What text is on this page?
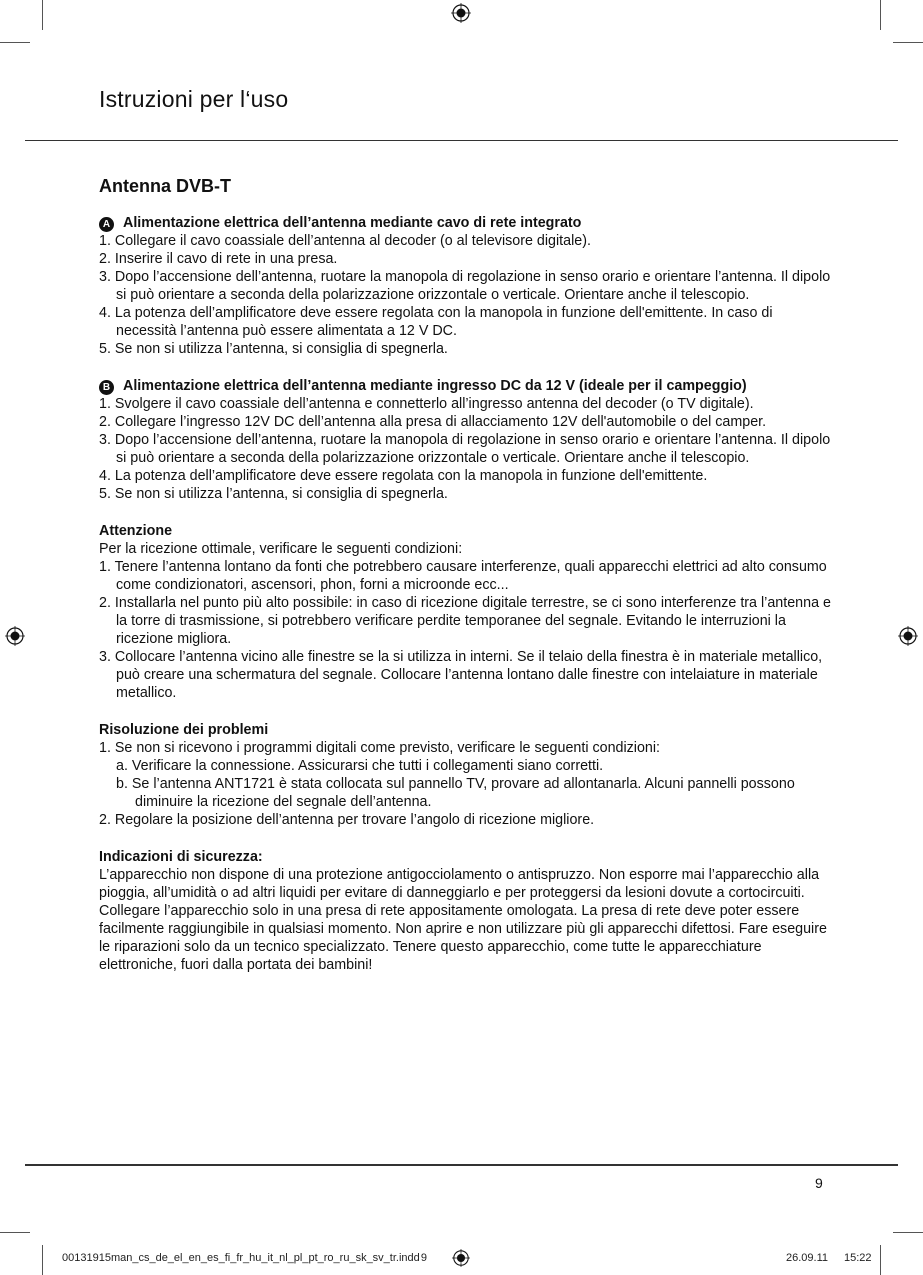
Istruzioni per l‘uso
Antenna DVB-T

A Alimentazione elettrica dell’antenna mediante cavo di rete integrato

1. Collegare il cavo coassiale dell’antenna al decoder (o al televisore digitale).
2. Inserire il cavo di rete in una presa.
3. Dopo l’accensione dell’antenna, ruotare la manopola di regolazione in senso orario e orientare l’antenna. Il dipolo si può orientare a seconda della polarizzazione orizzontale o verticale. Orientare anche il telescopio.
4. La potenza dell’amplificatore deve essere regolata con la manopola in funzione dell'emittente. In caso di necessità l’antenna può essere alimentata a 12 V DC.
5. Se non si utilizza l’antenna, si consiglia di spegnerla.

B Alimentazione elettrica dell’antenna mediante ingresso DC da 12 V (ideale per il campeggio)

1. Svolgere il cavo coassiale dell’antenna e connetterlo all’ingresso antenna del decoder (o TV digitale).
2. Collegare l’ingresso 12V DC dell’antenna alla presa di allacciamento 12V dell'automobile o del camper.
3. Dopo l’accensione dell’antenna, ruotare la manopola di regolazione in senso orario e orientare l’antenna. Il dipolo si può orientare a seconda della polarizzazione orizzontale o verticale. Orientare anche il telescopio.
4. La potenza dell’amplificatore deve essere regolata con la manopola in funzione dell'emittente.
5. Se non si utilizza l’antenna, si consiglia di spegnerla.

Attenzione

Per la ricezione ottimale, verificare le seguenti condizioni:

1. Tenere l’antenna lontano da fonti che potrebbero causare interferenze, quali apparecchi elettrici ad alto consumo come condizionatori, ascensori, phon, forni a microonde ecc...
2. Installarla nel punto più alto possibile: in caso di ricezione digitale terrestre, se ci sono interferenze tra l’antenna e la torre di trasmissione, si potrebbero verificare perdite temporanee del segnale. Evitando le interruzioni la ricezione migliora.
3. Collocare l’antenna vicino alle finestre se la si utilizza in interni. Se il telaio della finestra è in materiale metallico, può creare una schermatura del segnale. Collocare l’antenna lontano dalle finestre con intelaiature in materiale metallico.

Risoluzione dei problemi

1. Se non si ricevono i programmi digitali come previsto, verificare le seguenti condizioni:
a. Verificare la connessione. Assicurarsi che tutti i collegamenti siano corretti.
b. Se l’antenna ANT1721 è stata collocata sul pannello TV, provare ad allontanarla. Alcuni pannelli possono diminuire la ricezione del segnale dell’antenna.
2. Regolare la posizione dell’antenna per trovare l’angolo di ricezione migliore.

Indicazioni di sicurezza:

L’apparecchio non dispone di una protezione antigocciolamento o antispruzzo. Non esporre mai l’apparecchio alla pioggia, all’umidità o ad altri liquidi per evitare di danneggiarlo e per proteggersi da lesioni dovute a cortocircuiti. Collegare l’apparecchio solo in una presa di rete appositamente omologata. La presa di rete deve poter essere facilmente raggiungibile in qualsiasi momento. Non aprire e non utilizzare più gli apparecchi difettosi. Fare eseguire le riparazioni solo da un tecnico specializzato. Tenere questo apparecchio, come tutte le apparecchiature elettroniche, fuori dalla portata dei bambini!

9
00131915man_cs_de_el_en_es_fi_fr_hu_it_nl_pl_pt_ro_ru_sk_sv_tr.indd 9	26.09.11 15:22
